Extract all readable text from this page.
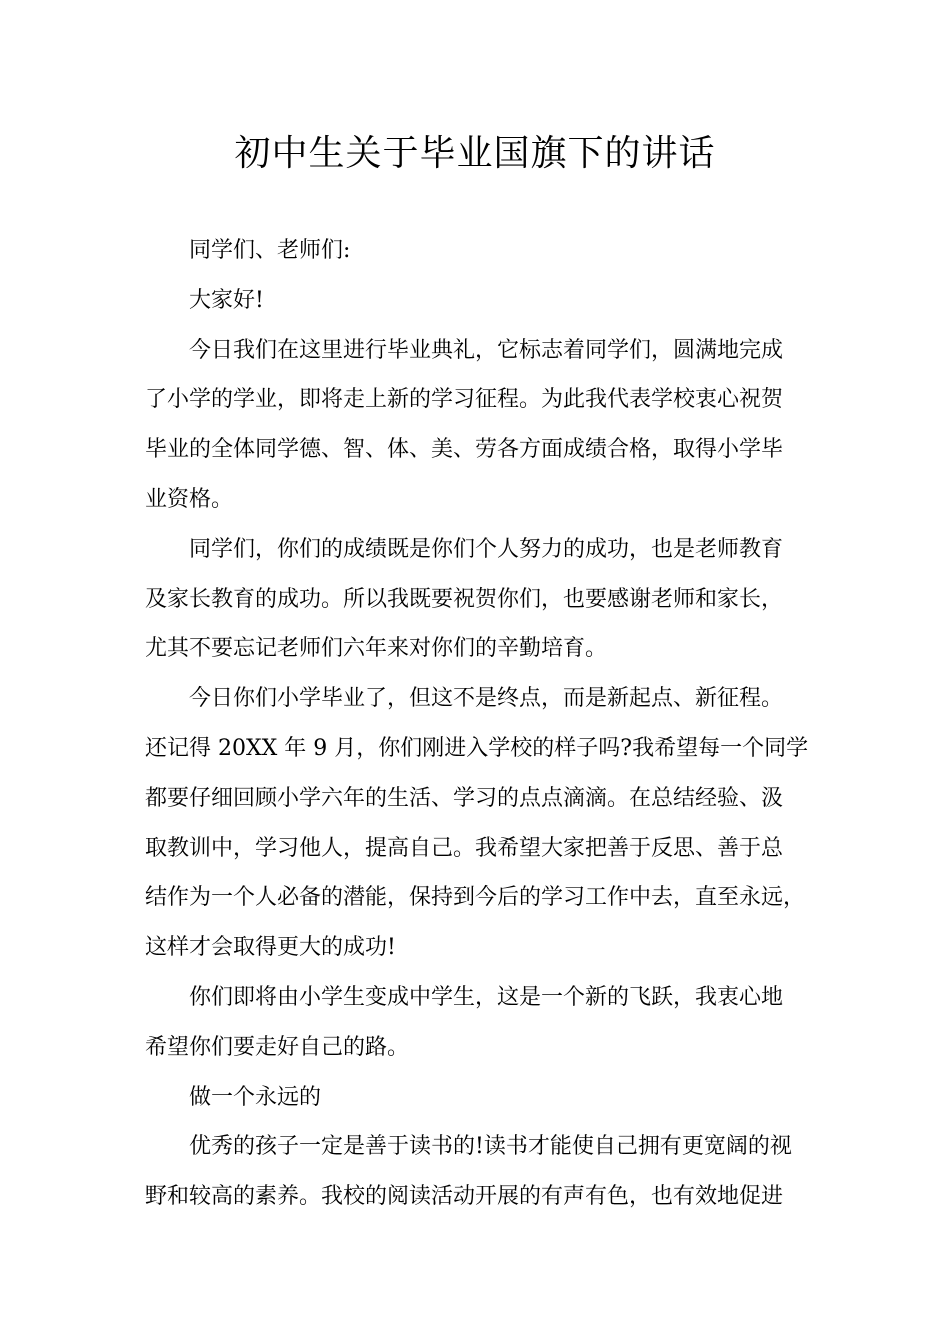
初中生关于毕业国旗下的讲话

同学们、老师们:

大家好!

今日我们在这里进行毕业典礼，它标志着同学们，圆满地完成
了小学的学业，即将走上新的学习征程。为此我代表学校衷心祝贺
毕业的全体同学德、智、体、美、劳各方面成绩合格，取得小学毕
业资格。

同学们，你们的成绩既是你们个人努力的成功，也是老师教育
及家长教育的成功。所以我既要祝贺你们，也要感谢老师和家长，
尤其不要忘记老师们六年来对你们的辛勤培育。

今日你们小学毕业了，但这不是终点，而是新起点、新征程。
还记得 20XX 年 9 月，你们刚进入学校的样子吗?我希望每一个同学
都要仔细回顾小学六年的生活、学习的点点滴滴。在总结经验、汲
取教训中，学习他人，提高自己。我希望大家把善于反思、善于总
结作为一个人必备的潜能，保持到今后的学习工作中去，直至永远，
这样才会取得更大的成功!

你们即将由小学生变成中学生，这是一个新的飞跃，我衷心地
希望你们要走好自己的路。

做一个永远的

优秀的孩子一定是善于读书的!读书才能使自己拥有更宽阔的视
野和较高的素养。我校的阅读活动开展的有声有色，也有效地促进
